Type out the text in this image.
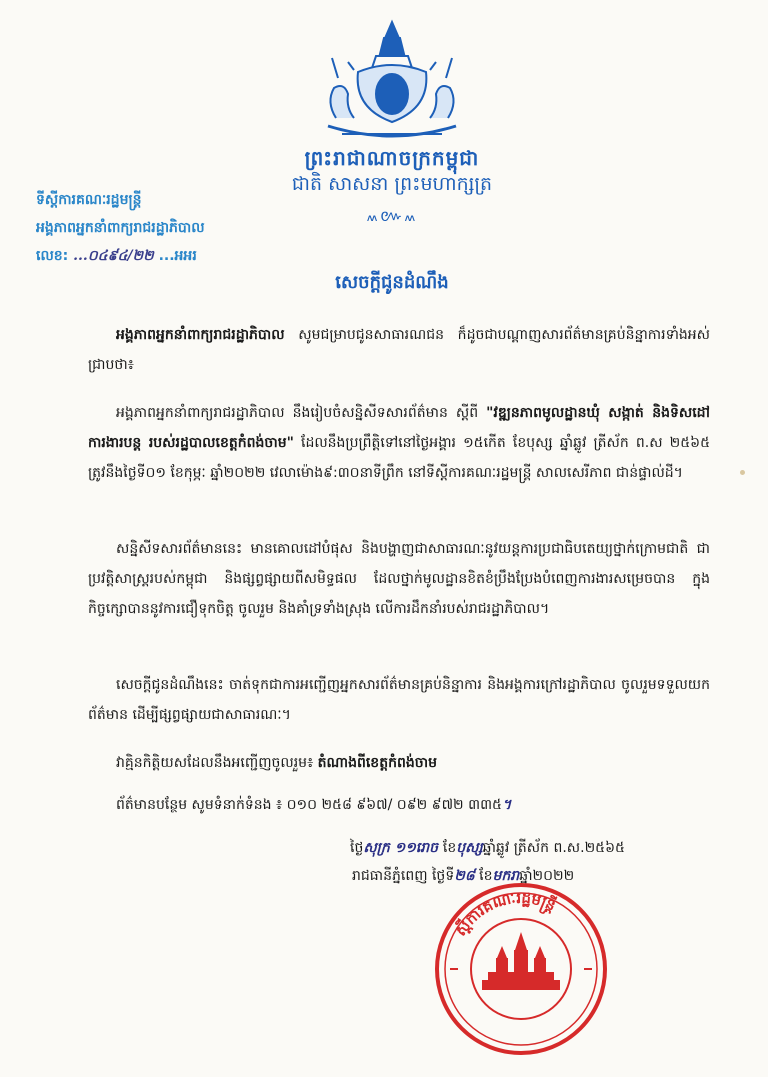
ព្រះរាជាណាចក្រកម្ពុជា
ជាតិ សាសនា ព្រះមហាក្សត្រ
៳៚៳
ទីស្តីការគណៈរដ្ឋមន្ត្រី
អង្គភាពអ្នកនាំពាក្យរាជរដ្ឋាភិបាល
លេខ: ...០៤៩៤/២២ ...អអរ
សេចក្តីជូនដំណឹង
អង្គភាពអ្នកនាំពាក្យរាជរដ្ឋាភិបាល សូមជម្រាបជូនសាធារណជន ក៏ដូចជាបណ្តាញសារព័ត៌មានគ្រប់និន្នាការទាំងអស់ជ្រាបថា៖
អង្គភាពអ្នកនាំពាក្យរាជរដ្ឋាភិបាល នឹងរៀបចំសន្និសីទសារព័ត៌មាន ស្តីពី "វឌ្ឍនភាពមូលដ្ឋានឃុំ សង្កាត់ និងទិសដៅការងារបន្ត របស់រដ្ឋបាលខេត្តកំពង់ចាម" ដែលនឹងប្រព្រឹត្តិទៅនៅថ្ងៃអង្គារ ១៥កើត ខែបុស្ស ឆ្នាំឆ្លូវ ត្រីស័ក ព.ស ២៥៦៥ ត្រូវនឹងថ្ងៃទី០១ ខែកុម្ភៈ ឆ្នាំ២០២២ វេលាម៉ោង៩:៣០នាទីព្រឹក នៅទីស្តីការគណៈរដ្ឋមន្ត្រី សាលសេរីភាព ជាន់ផ្ទាល់ដី។
សន្និសីទសារព័ត៌មាននេះ មានគោលដៅបំផុស និងបង្ហាញជាសាធារណៈនូវយន្តការប្រជាធិបតេយ្យថ្នាក់ក្រោមជាតិ ជាប្រវត្តិសាស្ត្ររបស់កម្ពុជា និងផ្សព្វផ្សាយពីសមិទ្ធផល ដែលថ្នាក់មូលដ្ឋានខិតខំប្រឹងប្រែងបំពេញការងារសម្រេចបាន ក្នុងកិច្ចក្សោបាននូវការជឿទុកចិត្ត ចូលរួម និងគាំទ្រទាំងស្រុង លើការដឹកនាំរបស់រាជរដ្ឋាភិបាល។
សេចក្តីជូនដំណឹងនេះ ចាត់ទុកជាការអញ្ជើញអ្នកសារព័ត៌មានគ្រប់និន្នាការ និងអង្គការក្រៅរដ្ឋាភិបាល ចូលរួមទទួលយកព័ត៌មាន ដើម្បីផ្សព្វផ្សាយជាសាធារណៈ។
វាគ្មិនកិត្តិយសដែលនឹងអញ្ជើញចូលរួម៖ តំណាងពីខេត្តកំពង់ចាម
ព័ត៌មានបន្ថែម សូមទំនាក់ទំនង ៖ ០១០ ២៥៨ ៩៦៧/ ០៩២ ៩៧២ ៣៣៥។
ថ្ងៃសុក្រ ១១រោច ខែបុស្សឆ្នាំឆ្លូវ ត្រីស័ក ព.ស.២៥៦៥
រាជធានីភ្នំពេញ ថ្ងៃទី២៨ ខែមករាឆ្នាំ២០២២
ស្ដីការគណៈរដ្ឋមន្ត្រី
